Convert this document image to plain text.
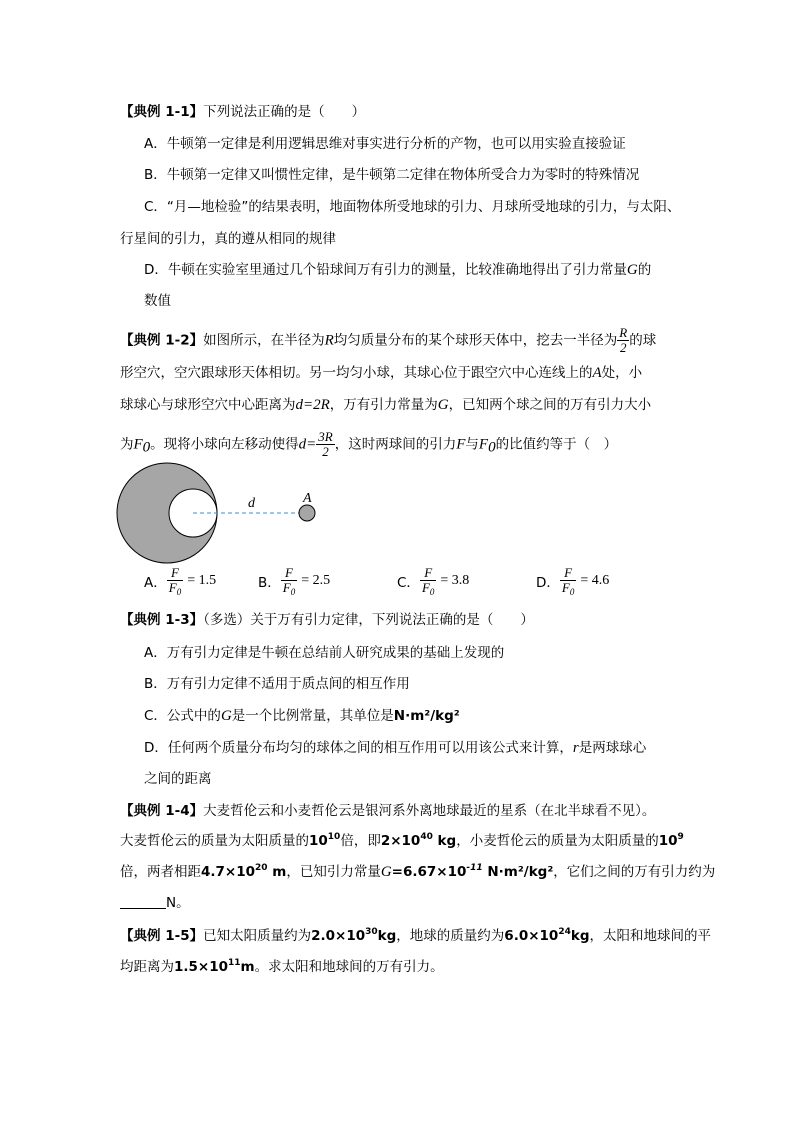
【典例 1-1】下列说法正确的是（　　）
A．牛顿第一定律是利用逻辑思维对事实进行分析的产物，也可以用实验直接验证
B．牛顿第一定律又叫惯性定律，是牛顿第二定律在物体所受合力为零时的特殊情况
C．“月—地检验”的结果表明，地面物体所受地球的引力、月球所受地球的引力，与太阳、
行星间的引力，真的遵从相同的规律
D．牛顿在实验室里通过几个铅球间万有引力的测量，比较准确地得出了引力常量G的
数值
【典例 1-2】如图所示，在半径为R均匀质量分布的某个球形天体中，挖去一半径为 $\frac{R}{2}$ 的球
形空穴，空穴跟球形天体相切。另一均匀小球，其球心位于跟空穴中心连线上的A处，小
球球心与球形空穴中心距离为d=2R，万有引力常量为G，已知两个球之间的万有引力大小
为$F_0$。现将小球向左移动使得$d= \frac{3R}{2}$ ，这时两球间的引力F与$F_0$的比值约等于（　）
d	A
A． $\frac{F}{F_0} = 1.5$	B． $\frac{F}{F_0} = 2.5$	C． $\frac{F}{F_0} = 3.8$	D． $\frac{F}{F_0} = 4.6$
【典例 1-3】（多选）关于万有引力定律，下列说法正确的是（　　）
A．万有引力定律是牛顿在总结前人研究成果的基础上发现的
B．万有引力定律不适用于质点间的相互作用
C．公式中的G是一个比例常量，其单位是N·m²/kg²
D．任何两个质量分布均匀的球体之间的相互作用可以用该公式来计算，r是两球球心
之间的距离
【典例 1-4】大麦哲伦云和小麦哲伦云是银河系外离地球最近的星系（在北半球看不见）。
大麦哲伦云的质量为太阳质量的$10^{10}$倍，即$2\times 10^{40}$ kg，小麦哲伦云的质量为太阳质量的$10^9$
倍，两者相距$4.7\times 10^{20}$ m，已知引力常量$G=6.67\times 10^{-11}$ N·m²/kg²，它们之间的万有引力约为
N。
【典例 1-5】已知太阳质量约为$2.0\times 10^{30}kg$，地球的质量约为$6.0\times 10^{24}kg$，太阳和地球间的平
均距离为$1.5\times 10^{11}m$。求太阳和地球间的万有引力。
